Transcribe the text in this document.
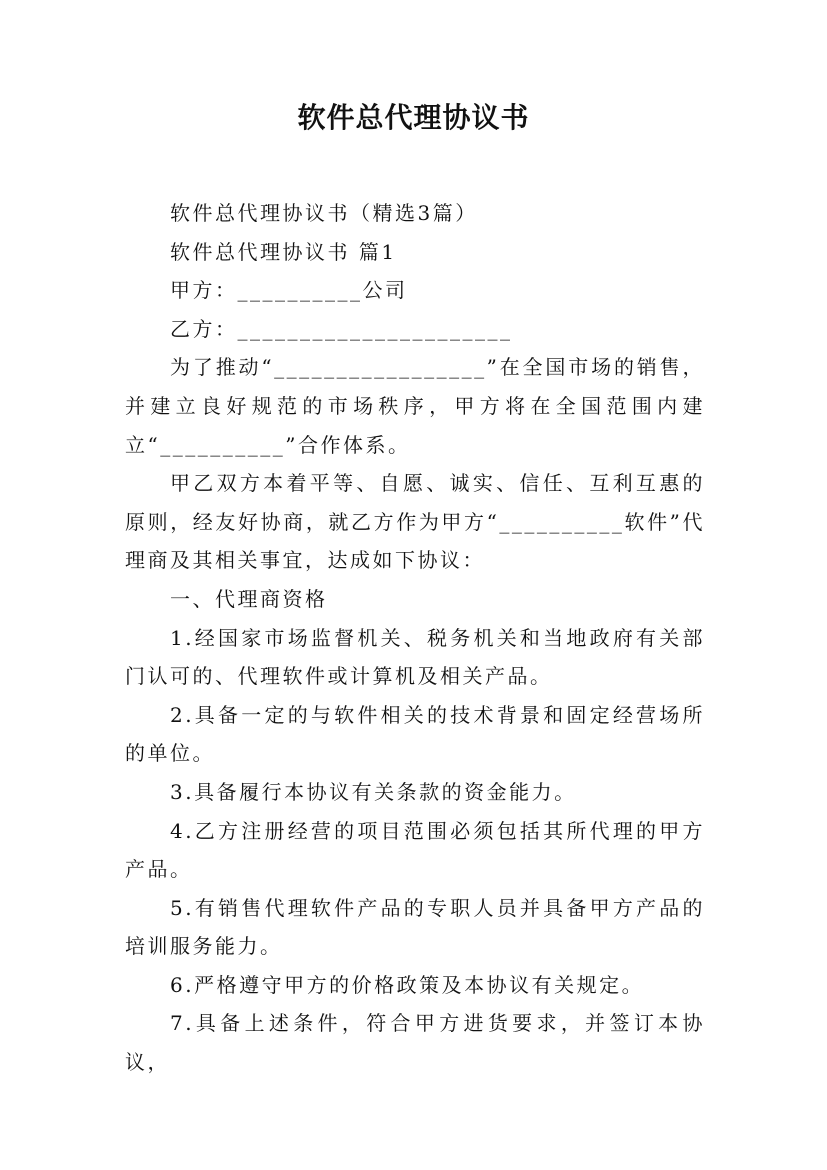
软件总代理协议书

软件总代理协议书（精选3篇）

软件总代理协议书 篇1

甲方：__________公司

乙方：______________________

为了推动“_________________”在全国市场的销售，并建立良好规范的市场秩序，甲方将在全国范围内建立“__________”合作体系。

甲乙双方本着平等、自愿、诚实、信任、互利互惠的原则，经友好协商，就乙方作为甲方“__________软件”代理商及其相关事宜，达成如下协议：

一、代理商资格

1.经国家市场监督机关、税务机关和当地政府有关部门认可的、代理软件或计算机及相关产品。

2.具备一定的与软件相关的技术背景和固定经营场所的单位。

3.具备履行本协议有关条款的资金能力。

4.乙方注册经营的项目范围必须包括其所代理的甲方产品。

5.有销售代理软件产品的专职人员并具备甲方产品的培训服务能力。

6.严格遵守甲方的价格政策及本协议有关规定。

7.具备上述条件，符合甲方进货要求，并签订本协议，
